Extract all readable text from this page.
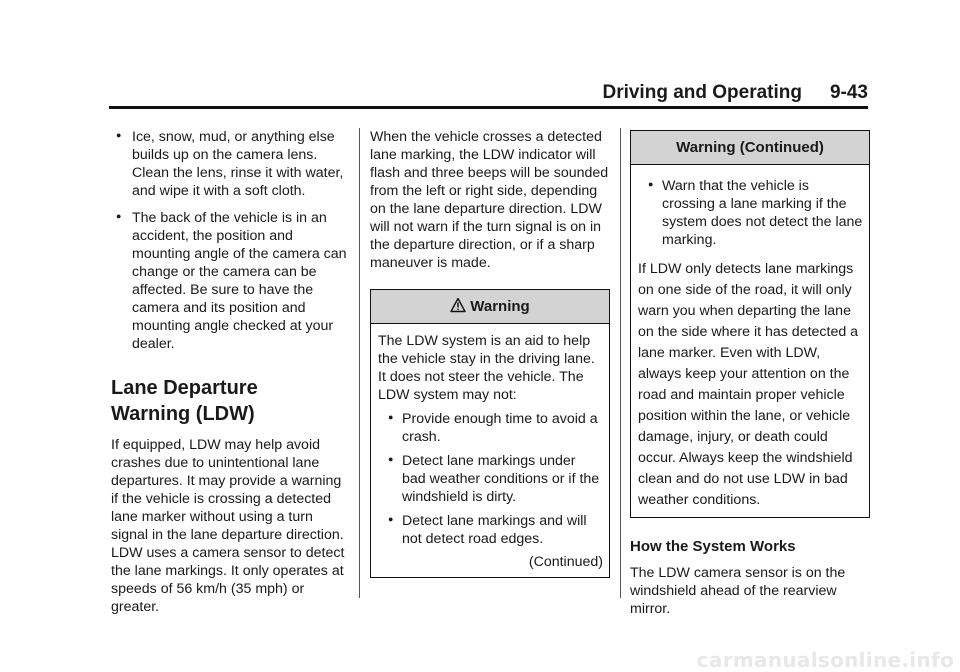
Driving and Operating 9-43
● Ice, snow, mud, or anything else builds up on the camera lens. Clean the lens, rinse it with water, and wipe it with a soft cloth.
● The back of the vehicle is in an accident, the position and mounting angle of the camera can change or the camera can be affected. Be sure to have the camera and its position and mounting angle checked at your dealer.
Lane Departure
Warning (LDW)

If equipped, LDW may help avoid crashes due to unintentional lane departures. It may provide a warning if the vehicle is crossing a detected lane marker without using a turn signal in the lane departure direction. LDW uses a camera sensor to detect the lane markings. It only operates at speeds of 56 km/h (35 mph) or greater.

When the vehicle crosses a detected lane marking, the LDW indicator will flash and three beeps will be sounded from the left or right side, depending on the lane departure direction. LDW will not warn if the turn signal is on in the departure direction, or if a sharp maneuver is made.

Warning

The LDW system is an aid to help the vehicle stay in the driving lane. It does not steer the vehicle. The LDW system may not:

● Provide enough time to avoid a crash.
● Detect lane markings under bad weather conditions or if the windshield is dirty.
● Detect lane markings and will not detect road edges.

(Continued)

Warning (Continued)
● Warn that the vehicle is crossing a lane marking if the system does not detect the lane marking.

If LDW only detects lane markings on one side of the road, it will only warn you when departing the lane on the side where it has detected a lane marker. Even with LDW, always keep your attention on the road and maintain proper vehicle position within the lane, or vehicle damage, injury, or death could occur. Always keep the windshield clean and do not use LDW in bad weather conditions.

How the System Works

The LDW camera sensor is on the windshield ahead of the rearview mirror.

carmanualsonline.info
